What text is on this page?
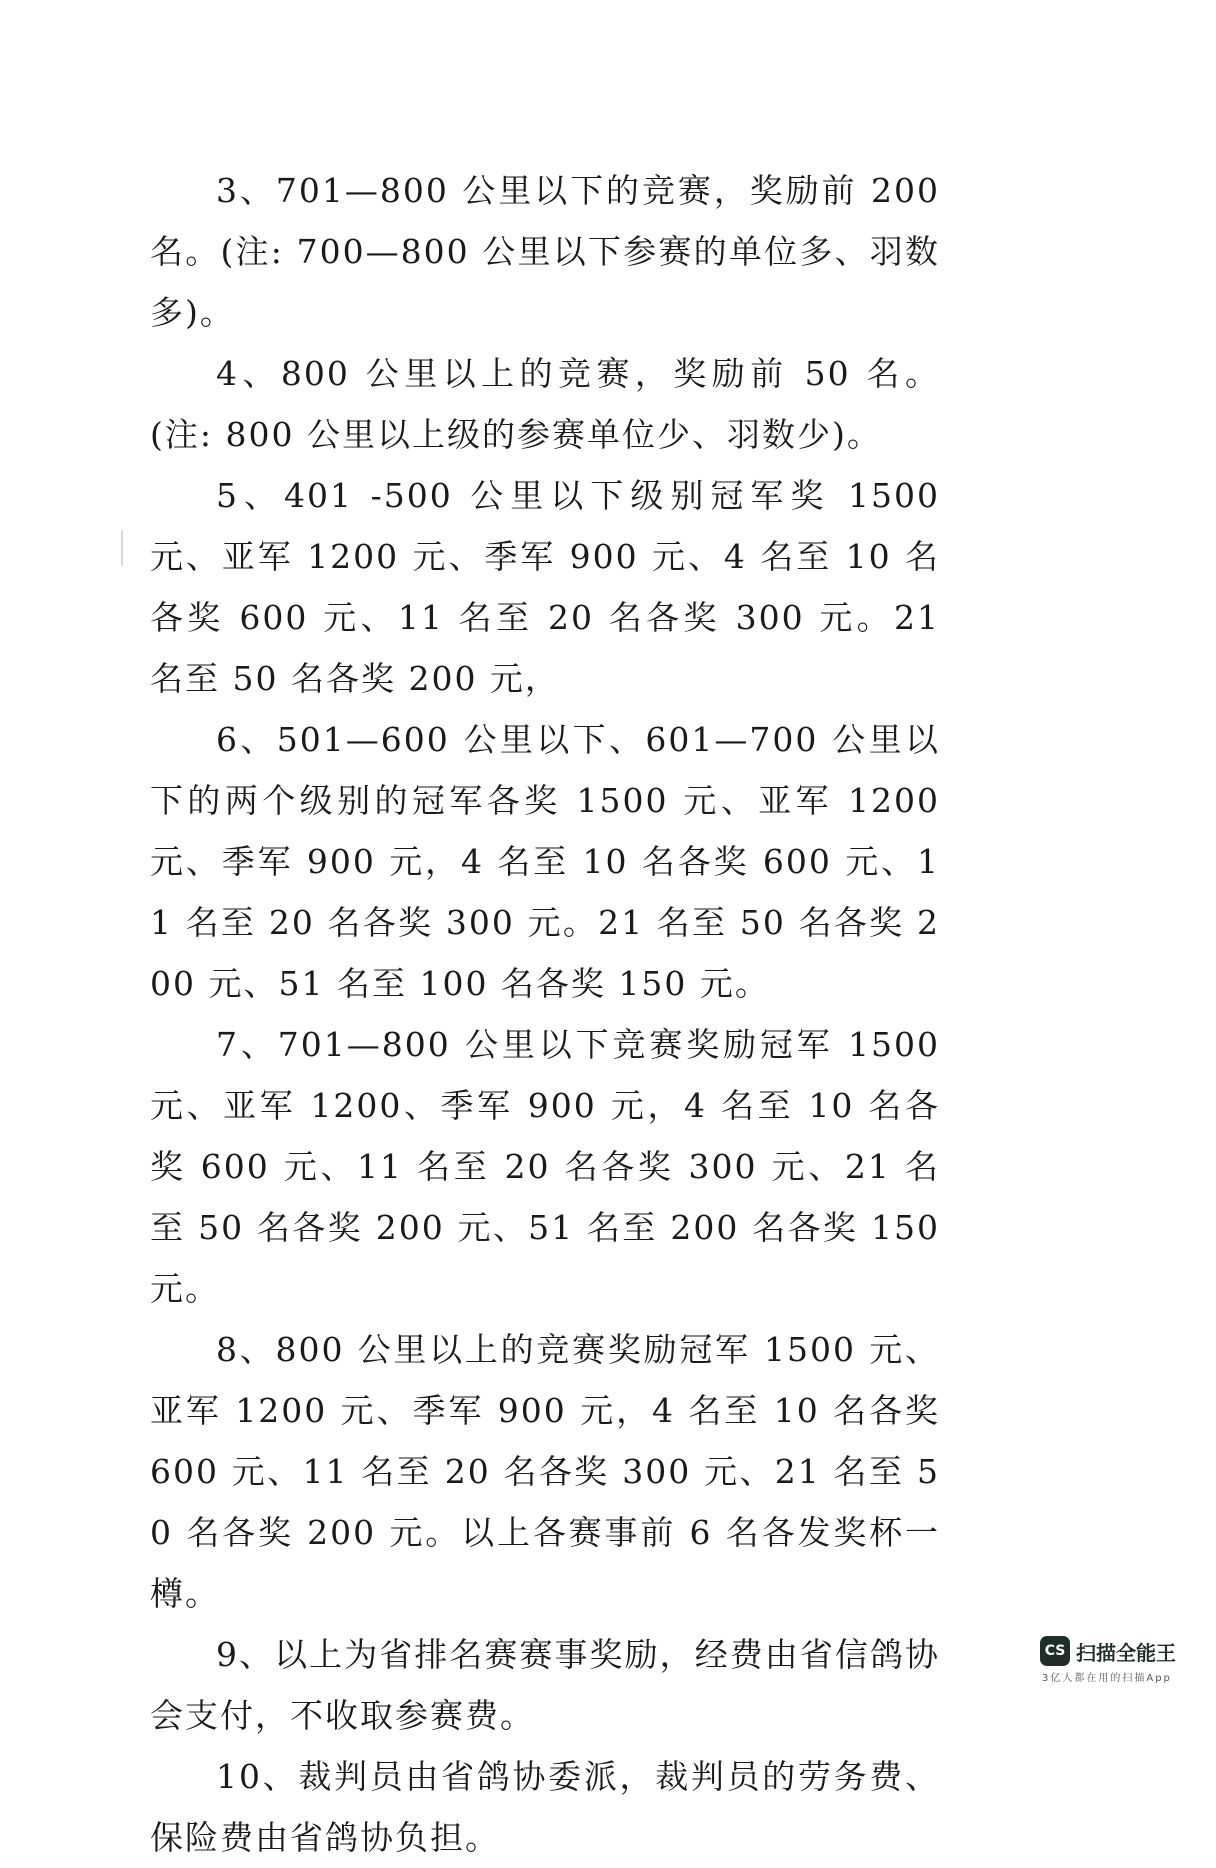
3、701—800 公里以下的竞赛，奖励前 200 名。(注: 700—800 公里以下参赛的单位多、羽数多)。

4、800 公里以上的竞赛，奖励前 50 名。(注: 800 公里以上级的参赛单位少、羽数少)。

5、401 -500 公里以下级别冠军奖 1500 元、亚军 1200 元、季军 900 元、4 名至 10 名各奖 600 元、11 名至 20 名各奖 300 元。21 名至 50 名各奖 200 元，

6、501—600 公里以下、601—700 公里以下的两个级别的冠军各奖 1500 元、亚军 1200 元、季军 900 元，4 名至 10 名各奖 600 元、11 名至 20 名各奖 300 元。21 名至 50 名各奖 200 元、51 名至 100 名各奖 150 元。

7、701—800 公里以下竞赛奖励冠军 1500 元、亚军 1200、季军 900 元，4 名至 10 名各奖 600 元、11 名至 20 名各奖 300 元、21 名至 50 名各奖 200 元、51 名至 200 名各奖 150 元。

8、800 公里以上的竞赛奖励冠军 1500 元、亚军 1200 元、季军 900 元，4 名至 10 名各奖 600 元、11 名至 20 名各奖 300 元、21 名至 50 名各奖 200 元。以上各赛事前 6 名各发奖杯一樽。

9、以上为省排名赛赛事奖励，经费由省信鸽协会支付，不收取参赛费。

10、裁判员由省鸽协委派，裁判员的劳务费、保险费由省鸽协负担。

CS 扫描全能王
3亿人都在用的扫描App
